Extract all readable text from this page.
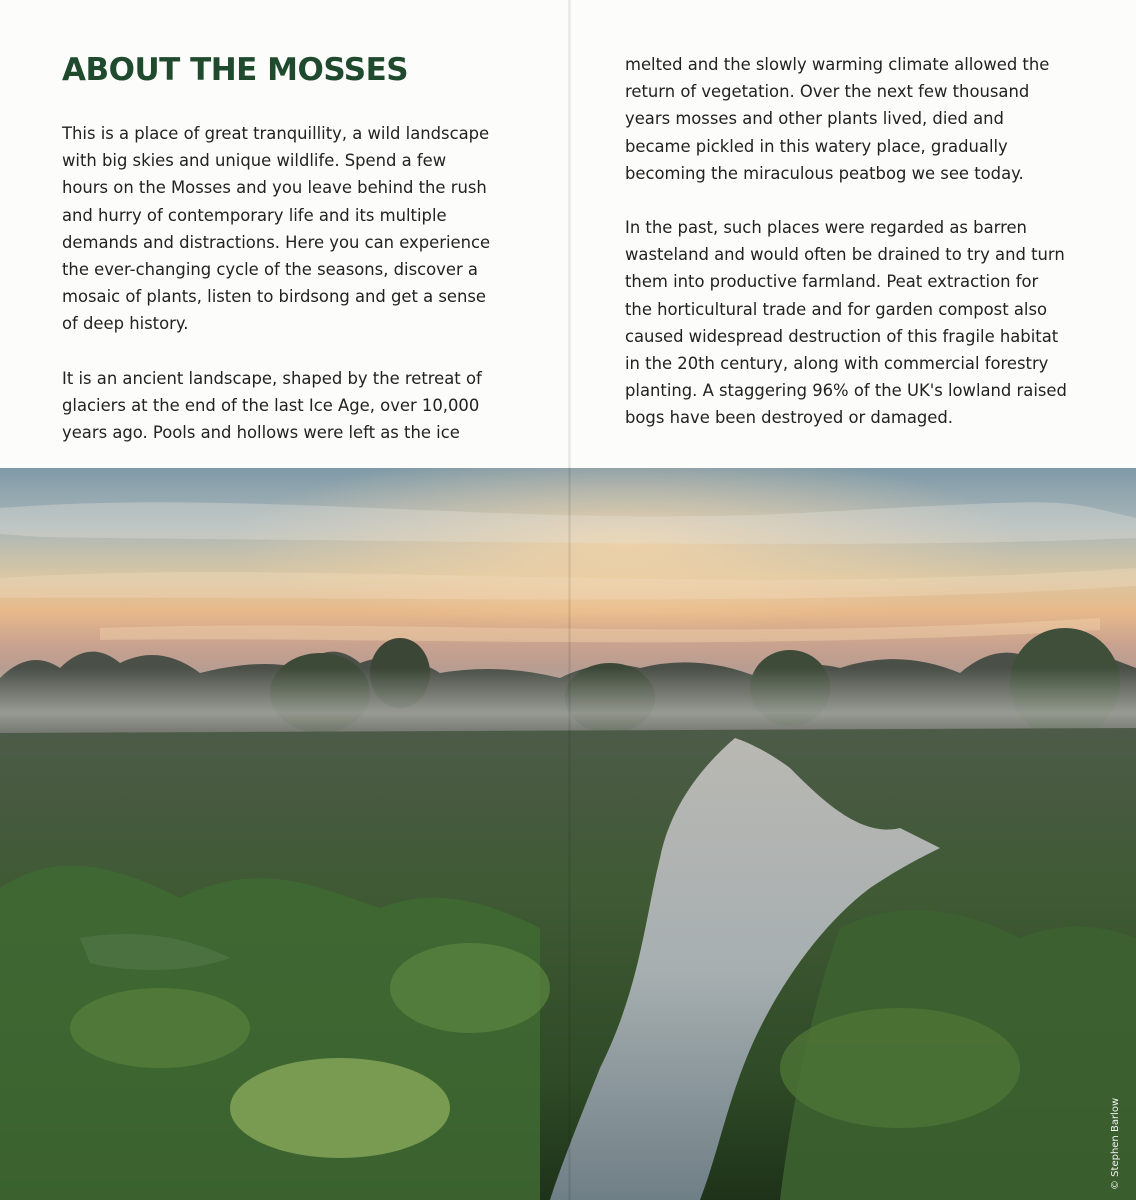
ABOUT THE MOSSES

This is a place of great tranquillity, a wild landscape
with big skies and unique wildlife. Spend a few
hours on the Mosses and you leave behind the rush
and hurry of contemporary life and its multiple
demands and distractions. Here you can experience
the ever-changing cycle of the seasons, discover a
mosaic of plants, listen to birdsong and get a sense
of deep history.

It is an ancient landscape, shaped by the retreat of
glaciers at the end of the last Ice Age, over 10,000
years ago. Pools and hollows were left as the ice

melted and the slowly warming climate allowed the
return of vegetation. Over the next few thousand
years mosses and other plants lived, died and
became pickled in this watery place, gradually
becoming the miraculous peatbog we see today.

In the past, such places were regarded as barren
wasteland and would often be drained to try and turn
them into productive farmland. Peat extraction for
the horticultural trade and for garden compost also
caused widespread destruction of this fragile habitat
in the 20th century, along with commercial forestry
planting. A staggering 96% of the UK's lowland raised
bogs have been destroyed or damaged.

© Stephen Barlow
